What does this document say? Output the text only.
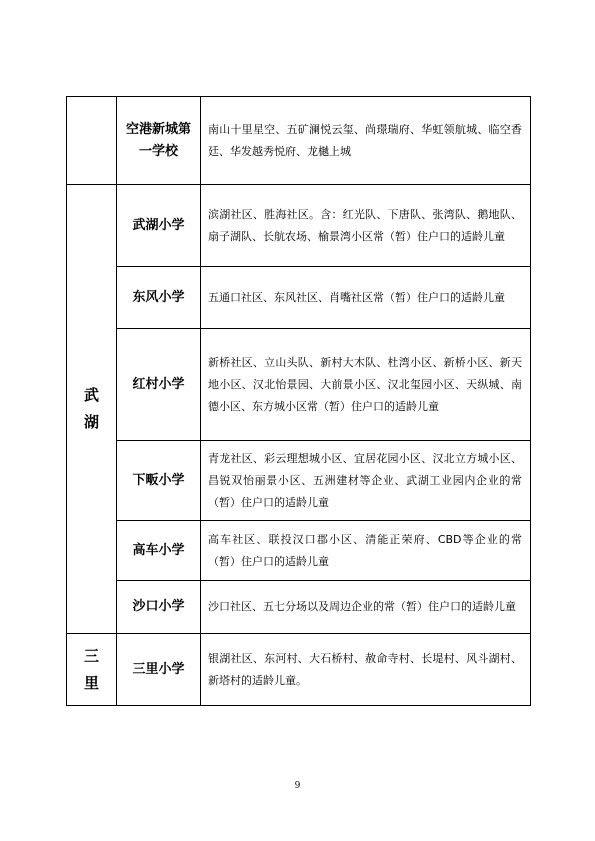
	空港新城第一学校	南山十里星空、五矿澜悦云玺、尚璟瑞府、华虹领航城、临空香廷、华发越秀悦府、龙樾上城
武湖	武湖小学	滨湖社区、胜海社区。含：红光队、下唐队、张湾队、鹅地队、扇子湖队、长航农场、榆景湾小区常（暂）住户口的适龄儿童
	东风小学	五通口社区、东风社区、肖嘴社区常（暂）住户口的适龄儿童
	红村小学	新桥社区、立山头队、新村大木队、杜湾小区、新桥小区、新天地小区、汉北怡景园、大前景小区、汉北玺园小区、天纵城、南德小区、东方城小区常（暂）住户口的适龄儿童
	下畈小学	青龙社区、彩云理想城小区、宜居花园小区、汉北立方城小区、昌锐双怡丽景小区、五洲建材等企业、武湖工业园内企业的常（暂）住户口的适龄儿童
	高车小学	高车社区、联投汉口郡小区、清能正荣府、CBD等企业的常（暂）住户口的适龄儿童
	沙口小学	沙口社区、五七分场以及周边企业的常（暂）住户口的适龄儿童
三里	三里小学	银湖社区、东河村、大石桥村、赦命寺村、长堤村、风斗湖村、新塔村的适龄儿童。
9
